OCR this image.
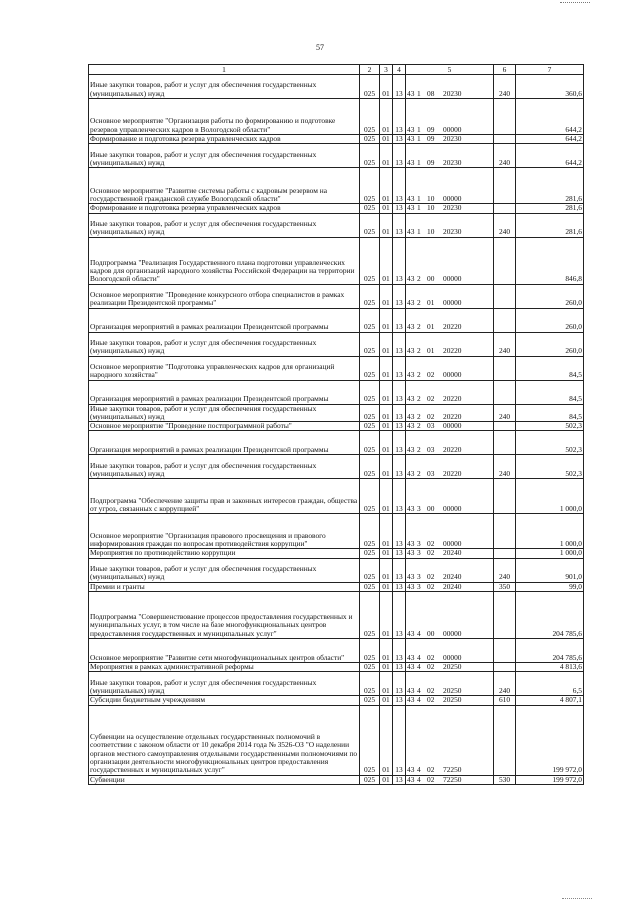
57
1	2	3	4	5	6	7
Иные закупки товаров, работ и услуг для обеспечения государственных (муниципальных) нужд	025	01	13	43 1 08 20230	240	360,6
Основное мероприятие "Организация работы по формированию и подготовке резервов управленческих кадров в Вологодской области"	025	01	13	43 1 09 00000		644,2
Формирование и подготовка резерва управленческих кадров	025	01	13	43 1 09 20230		644,2
Иные закупки товаров, работ и услуг для обеспечения государственных (муниципальных) нужд	025	01	13	43 1 09 20230	240	644,2
Основное мероприятие "Развитие системы работы с кадровым резервом на государственной гражданской службе Вологодской области"	025	01	13	43 1 10 00000		281,6
Формирование и подготовка резерва управленческих кадров	025	01	13	43 1 10 20230		281,6
Иные закупки товаров, работ и услуг для обеспечения государственных (муниципальных) нужд	025	01	13	43 1 10 20230	240	281,6
Подпрограмма "Реализация Государственного плана подготовки управленческих кадров для организаций народного хозяйства Российской Федерации на территории Вологодской области"	025	01	13	43 2 00 00000		846,8
Основное мероприятие "Проведение конкурсного отбора специалистов в рамках реализации Президентской программы"	025	01	13	43 2 01 00000		260,0
Организация мероприятий в рамках реализации Президентской программы	025	01	13	43 2 01 20220		260,0
Иные закупки товаров, работ и услуг для обеспечения государственных (муниципальных) нужд	025	01	13	43 2 01 20220	240	260,0
Основное мероприятие "Подготовка управленческих кадров для организаций народного хозяйства"	025	01	13	43 2 02 00000		84,5
Организация мероприятий в рамках реализации Президентской программы	025	01	13	43 2 02 20220		84,5
Иные закупки товаров, работ и услуг для обеспечения государственных (муниципальных) нужд	025	01	13	43 2 02 20220	240	84,5
Основное мероприятие "Проведение постпрограммной работы"	025	01	13	43 2 03 00000		502,3
Организация мероприятий в рамках реализации Президентской программы	025	01	13	43 2 03 20220		502,3
Иные закупки товаров, работ и услуг для обеспечения государственных (муниципальных) нужд	025	01	13	43 2 03 20220	240	502,3
Подпрограмма "Обеспечение защиты прав и законных интересов граждан, общества от угроз, связанных с коррупцией"	025	01	13	43 3 00 00000		1 000,0
Основное мероприятие "Организация правового просвещения и правового информирования граждан по вопросам противодействия коррупции"	025	01	13	43 3 02 00000		1 000,0
Мероприятия по противодействию коррупции	025	01	13	43 3 02 20240		1 000,0
Иные закупки товаров, работ и услуг для обеспечения государственных (муниципальных) нужд	025	01	13	43 3 02 20240	240	901,0
Премии и гранты	025	01	13	43 3 02 20240	350	99,0
Подпрограмма "Совершенствование процессов предоставления государственных и муниципальных услуг, в том числе на базе многофункциональных центров предоставления государственных и муниципальных услуг"	025	01	13	43 4 00 00000		204 785,6
Основное мероприятие "Развитие сети многофункциональных центров области"	025	01	13	43 4 02 00000		204 785,6
Мероприятия в рамках административной реформы	025	01	13	43 4 02 20250		4 813,6
Иные закупки товаров, работ и услуг для обеспечения государственных (муниципальных) нужд	025	01	13	43 4 02 20250	240	6,5
Субсидии бюджетным учреждениям	025	01	13	43 4 02 20250	610	4 807,1
Субвенции на осуществление отдельных государственных полномочий в соответствии с законом области от 10 декабря 2014 года № 3526-ОЗ "О наделении органов местного самоуправления отдельными государственными полномочиями по организации деятельности многофункциональных центров предоставления государственных и муниципальных услуг"	025	01	13	43 4 02 72250		199 972,0
Субвенции	025	01	13	43 4 02 72250	530	199 972,0
